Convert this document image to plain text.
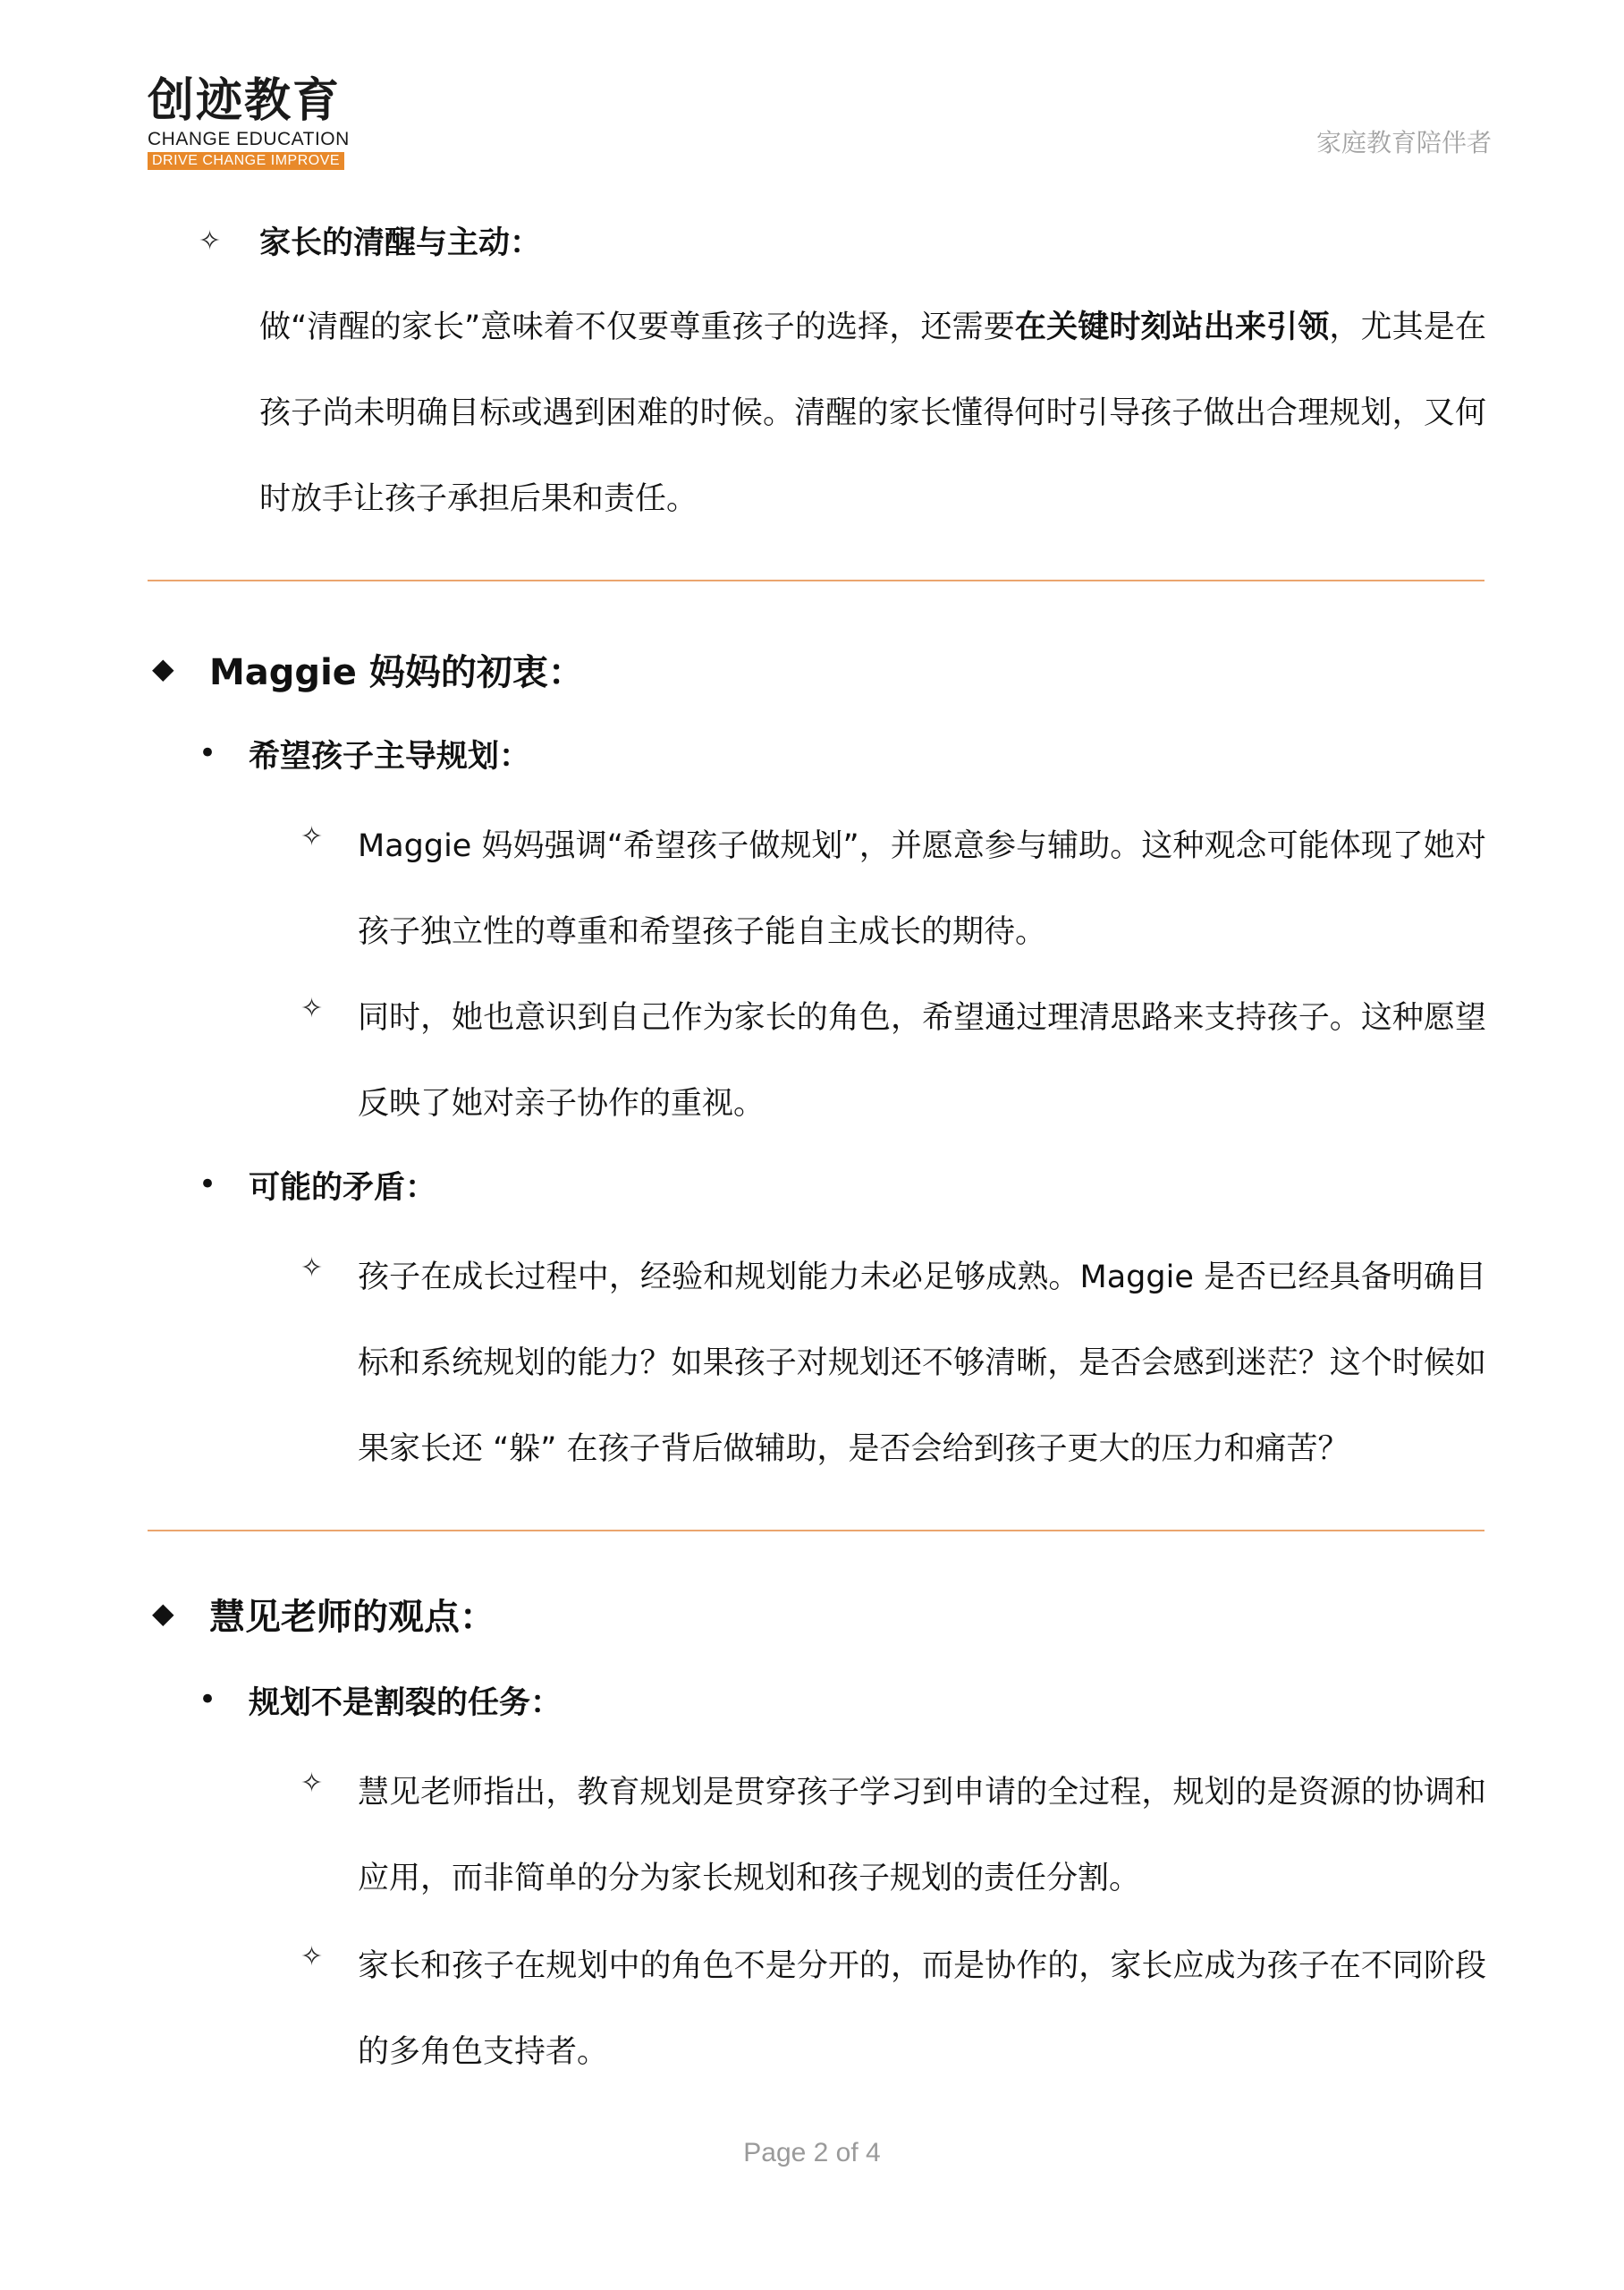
创迹教育
CHANGE EDUCATION
DRIVE CHANGE IMPROVE
家庭教育陪伴者
✧ 家长的清醒与主动：

做“清醒的家长”意味着不仅要尊重孩子的选择，还需要在关键时刻站出来引领，尤其是在孩子尚未明确目标或遇到困难的时候。清醒的家长懂得何时引导孩子做出合理规划，又何时放手让孩子承担后果和责任。

◆ Maggie 妈妈的初衷：
• 希望孩子主导规划：
✧ Maggie 妈妈强调“希望孩子做规划”，并愿意参与辅助。这种观念可能体现了她对孩子独立性的尊重和希望孩子能自主成长的期待。

✧ 同时，她也意识到自己作为家长的角色，希望通过理清思路来支持孩子。这种愿望反映了她对亲子协作的重视。

• 可能的矛盾：
✧ 孩子在成长过程中，经验和规划能力未必足够成熟。Maggie 是否已经具备明确目标和系统规划的能力？如果孩子对规划还不够清晰，是否会感到迷茫？这个时候如果家长还 “躲” 在孩子背后做辅助，是否会给到孩子更大的压力和痛苦？

◆ 慧见老师的观点：
• 规划不是割裂的任务：
✧ 慧见老师指出，教育规划是贯穿孩子学习到申请的全过程，规划的是资源的协调和应用，而非简单的分为家长规划和孩子规划的责任分割。

✧ 家长和孩子在规划中的角色不是分开的，而是协作的，家长应成为孩子在不同阶段的多角色支持者。

Page 2 of 4
